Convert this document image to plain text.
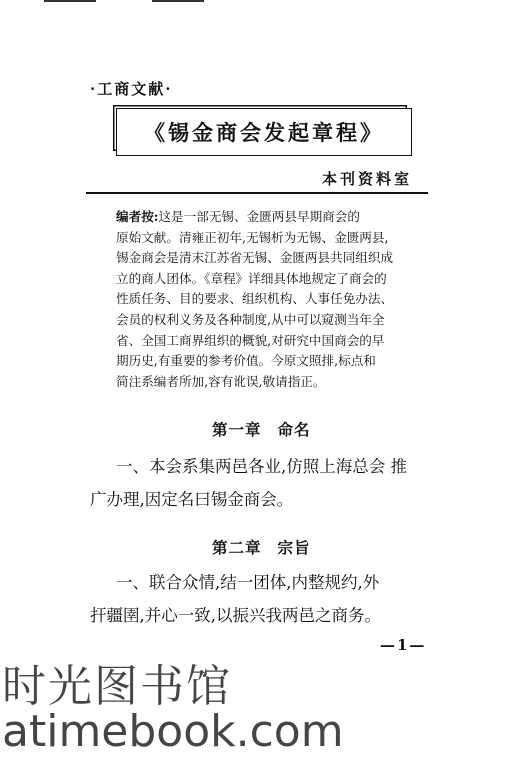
·工商文献·
《锡金商会发起章程》
本刊资料室
编者按:这是一部无锡、金匮两县早期商会的
原始文献。清雍正初年,无锡析为无锡、金匮两县,
锡金商会是清末江苏省无锡、金匮两县共同组织成
立的商人团体。《章程》详细具体地规定了商会的
性质任务、目的要求、组织机构、人事任免办法、
会员的权利义务及各种制度,从中可以窥测当年全
省、全国工商界组织的概貌,对研究中国商会的早
期历史,有重要的参考价值。今原文照排,标点和
简注系编者所加,容有讹误,敬请指正。
第一章 命名
一、本会系集两邑各业,仿照上海总会 推
广办理,因定名曰锡金商会。
第二章 宗旨
一、联合众情,结一团体,内整规约,外
扞疆圉,并心一致,以振兴我两邑之商务。
—1—
时光图书馆
atimebook.com
